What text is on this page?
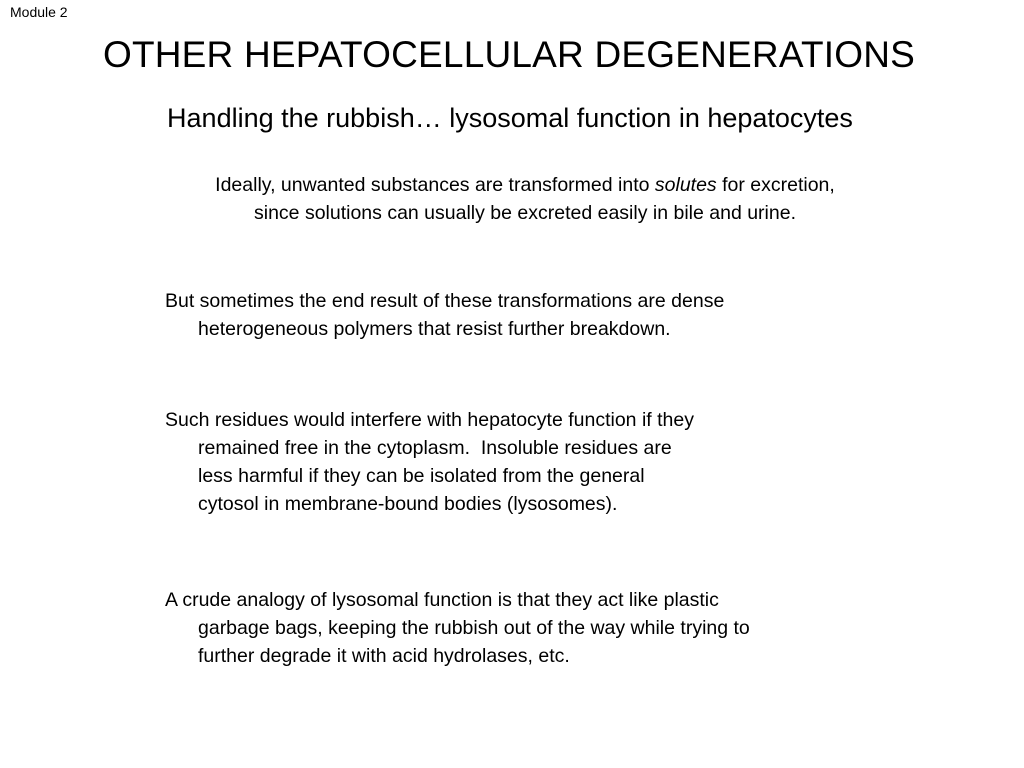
Module 2
OTHER HEPATOCELLULAR DEGENERATIONS
Handling the rubbish… lysosomal function in hepatocytes
Ideally, unwanted substances are transformed into solutes for excretion,
since solutions can usually be excreted easily in bile and urine.
But sometimes the end result of these transformations are dense
heterogeneous polymers that resist further breakdown.
Such residues would interfere with hepatocyte function if they
remained free in the cytoplasm.  Insoluble residues are
less harmful if they can be isolated from the general
cytosol in membrane-bound bodies (lysosomes).
A crude analogy of lysosomal function is that they act like plastic
garbage bags, keeping the rubbish out of the way while trying to
further degrade it with acid hydrolases, etc.
